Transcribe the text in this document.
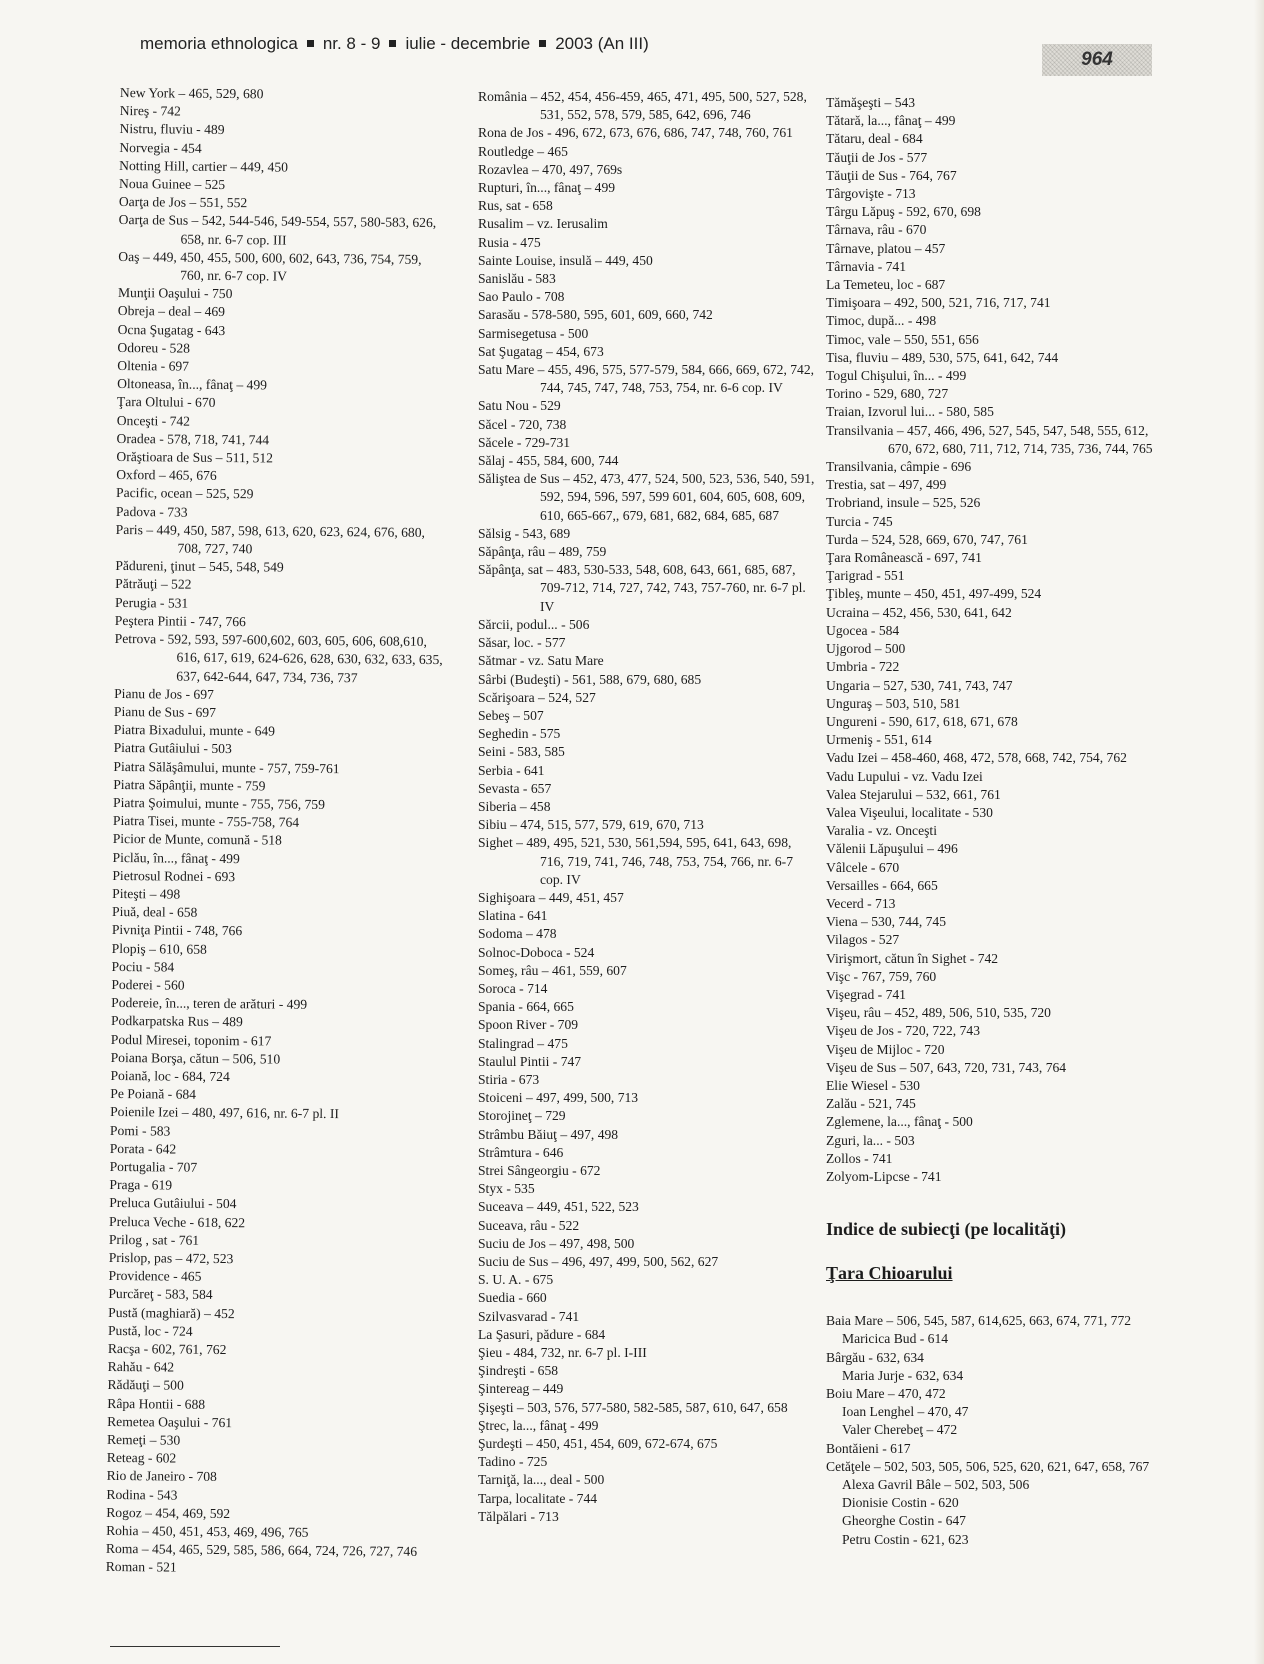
memoria ethnologica nr. 8 - 9 iulie - decembrie 2003 (An III)
964
New York – 465, 529, 680
Nireş - 742
Nistru, fluviu - 489
Norvegia - 454
Notting Hill, cartier – 449, 450
Noua Guinee – 525
Oarţa de Jos – 551, 552
Oarţa de Sus – 542, 544-546, 549-554, 557, 580-583, 626, 658, nr. 6-7 cop. III
Oaş – 449, 450, 455, 500, 600, 602, 643, 736, 754, 759, 760, nr. 6-7 cop. IV
Munţii Oaşului - 750
Obreja – deal – 469
Ocna Şugatag - 643
Odoreu - 528
Oltenia - 697
Oltoneasa, în..., fânaţ – 499
Ţara Oltului - 670
Onceşti - 742
Oradea - 578, 718, 741, 744
Orăştioara de Sus – 511, 512
Oxford – 465, 676
Pacific, ocean – 525, 529
Padova - 733
Paris – 449, 450, 587, 598, 613, 620, 623, 624, 676, 680, 708, 727, 740
Pădureni, ţinut – 545, 548, 549
Pătrăuţi – 522
Perugia - 531
Peştera Pintii - 747, 766
Petrova - 592, 593, 597-600,602, 603, 605, 606, 608,610, 616, 617, 619, 624-626, 628, 630, 632, 633, 635, 637, 642-644, 647, 734, 736, 737
Pianu de Jos - 697
Pianu de Sus - 697
Piatra Bixadului, munte - 649
Piatra Gutâiului - 503
Piatra Sălăşâmului, munte - 757, 759-761
Piatra Săpânţii, munte - 759
Piatra Şoimului, munte - 755, 756, 759
Piatra Tisei, munte - 755-758, 764
Picior de Munte, comună - 518
Piclău, în..., fânaţ - 499
Pietrosul Rodnei - 693
Piteşti – 498
Piuă, deal - 658
Pivniţa Pintii - 748, 766
Plopiş – 610, 658
Pociu - 584
Poderei - 560
Podereie, în..., teren de arături - 499
Podkarpatska Rus – 489
Podul Miresei, toponim - 617
Poiana Borşa, cătun – 506, 510
Poiană, loc - 684, 724
Pe Poiană - 684
Poienile Izei – 480, 497, 616, nr. 6-7 pl. II
Pomi - 583
Porata - 642
Portugalia - 707
Praga - 619
Preluca Gutâiului - 504
Preluca Veche - 618, 622
Prilog , sat - 761
Prislop, pas – 472, 523
Providence - 465
Purcăreţ - 583, 584
Pustă (maghiară) – 452
Pustă, loc - 724
Racşa - 602, 761, 762
Rahău - 642
Rădăuţi – 500
Râpa Hontii - 688
Remetea Oaşului - 761
Remeţi – 530
Reteag - 602
Rio de Janeiro - 708
Rodina - 543
Rogoz – 454, 469, 592
Rohia – 450, 451, 453, 469, 496, 765
Roma – 454, 465, 529, 585, 586, 664, 724, 726, 727, 746
Roman - 521
România – 452, 454, 456-459, 465, 471, 495, 500, 527, 528, 531, 552, 578, 579, 585, 642, 696, 746
Rona de Jos - 496, 672, 673, 676, 686, 747, 748, 760, 761
Routledge – 465
Rozavlea – 470, 497, 769s
Rupturi, în..., fânaţ – 499
Rus, sat - 658
Rusalim – vz. Ierusalim
Rusia - 475
Sainte Louise, insulă – 449, 450
Sanislău - 583
Sao Paulo - 708
Sarasău - 578-580, 595, 601, 609, 660, 742
Sarmisegetusa - 500
Sat Şugatag – 454, 673
Satu Mare – 455, 496, 575, 577-579, 584, 666, 669, 672, 742, 744, 745, 747, 748, 753, 754, nr. 6-6 cop. IV
Satu Nou - 529
Săcel - 720, 738
Săcele - 729-731
Sălaj - 455, 584, 600, 744
Săliştea de Sus – 452, 473, 477, 524, 500, 523, 536, 540, 591, 592, 594, 596, 597, 599 601, 604, 605, 608, 609, 610, 665-667,, 679, 681, 682, 684, 685, 687
Sălsig - 543, 689
Săpânţa, râu – 489, 759
Săpânţa, sat – 483, 530-533, 548, 608, 643, 661, 685, 687, 709-712, 714, 727, 742, 743, 757-760, nr. 6-7 pl. IV
Sărcii, podul... - 506
Săsar, loc. - 577
Sătmar - vz. Satu Mare
Sârbi (Budeşti) - 561, 588, 679, 680, 685
Scărişoara – 524, 527
Sebeş – 507
Seghedin - 575
Seini - 583, 585
Serbia - 641
Sevasta - 657
Siberia – 458
Sibiu – 474, 515, 577, 579, 619, 670, 713
Sighet – 489, 495, 521, 530, 561,594, 595, 641, 643, 698, 716, 719, 741, 746, 748, 753, 754, 766, nr. 6-7 cop. IV
Sighişoara – 449, 451, 457
Slatina - 641
Sodoma – 478
Solnoc-Doboca - 524
Someş, râu – 461, 559, 607
Soroca - 714
Spania - 664, 665
Spoon River - 709
Stalingrad – 475
Staulul Pintii - 747
Stiria - 673
Stoiceni – 497, 499, 500, 713
Storojineţ – 729
Strâmbu Băiuţ – 497, 498
Strâmtura - 646
Strei Sângeorgiu - 672
Styx - 535
Suceava – 449, 451, 522, 523
Suceava, râu - 522
Suciu de Jos – 497, 498, 500
Suciu de Sus – 496, 497, 499, 500, 562, 627
S. U. A. - 675
Suedia - 660
Szilvasvarad - 741
La Şasuri, pădure - 684
Şieu - 484, 732, nr. 6-7 pl. I-III
Şindreşti - 658
Şintereag – 449
Şişeşti – 503, 576, 577-580, 582-585, 587, 610, 647, 658
Ştrec, la..., fânaţ - 499
Şurdeşti – 450, 451, 454, 609, 672-674, 675
Tadino - 725
Tarniţă, la..., deal - 500
Tarpa, localitate - 744
Tălpălari - 713
Tămăşeşti – 543
Tătară, la..., fânaţ – 499
Tătaru, deal - 684
Tăuţii de Jos - 577
Tăuţii de Sus - 764, 767
Târgovişte - 713
Târgu Lăpuş - 592, 670, 698
Târnava, râu - 670
Târnave, platou – 457
Târnavia - 741
La Temeteu, loc - 687
Timişoara – 492, 500, 521, 716, 717, 741
Timoc, după... - 498
Timoc, vale – 550, 551, 656
Tisa, fluviu – 489, 530, 575, 641, 642, 744
Togul Chişului, în... - 499
Torino - 529, 680, 727
Traian, Izvorul lui... - 580, 585
Transilvania – 457, 466, 496, 527, 545, 547, 548, 555, 612, 670, 672, 680, 711, 712, 714, 735, 736, 744, 765
Transilvania, câmpie - 696
Trestia, sat – 497, 499
Trobriand, insule – 525, 526
Turcia - 745
Turda – 524, 528, 669, 670, 747, 761
Ţara Românească - 697, 741
Ţarigrad - 551
Ţibleş, munte – 450, 451, 497-499, 524
Ucraina – 452, 456, 530, 641, 642
Ugocea - 584
Ujgorod – 500
Umbria - 722
Ungaria – 527, 530, 741, 743, 747
Unguraş – 503, 510, 581
Ungureni - 590, 617, 618, 671, 678
Urmeniş - 551, 614
Vadu Izei – 458-460, 468, 472, 578, 668, 742, 754, 762
Vadu Lupului - vz. Vadu Izei
Valea Stejarului – 532, 661, 761
Valea Vişeului, localitate - 530
Varalia - vz. Onceşti
Vălenii Lăpuşului – 496
Vâlcele - 670
Versailles - 664, 665
Vecerd - 713
Viena – 530, 744, 745
Vilagos - 527
Virişmort, cătun în Sighet - 742
Vişc - 767, 759, 760
Vişegrad - 741
Vişeu, râu – 452, 489, 506, 510, 535, 720
Vişeu de Jos - 720, 722, 743
Vişeu de Mijloc - 720
Vişeu de Sus – 507, 643, 720, 731, 743, 764
Elie Wiesel - 530
Zalău - 521, 745
Zglemene, la..., fânaţ - 500
Zguri, la... - 503
Zollos - 741
Zolyom-Lipcse - 741
Indice de subiecţi (pe localităţi)
Ţara Chioarului
Baia Mare – 506, 545, 587, 614,625, 663, 674, 771, 772
Maricica Bud - 614
Bârgău - 632, 634
Maria Jurje - 632, 634
Boiu Mare – 470, 472
Ioan Lenghel – 470, 47
Valer Cherebeţ – 472
Bontăieni - 617
Cetăţele – 502, 503, 505, 506, 525, 620, 621, 647, 658, 767
Alexa Gavril Bâle – 502, 503, 506
Dionisie Costin - 620
Gheorghe Costin - 647
Petru Costin - 621, 623
